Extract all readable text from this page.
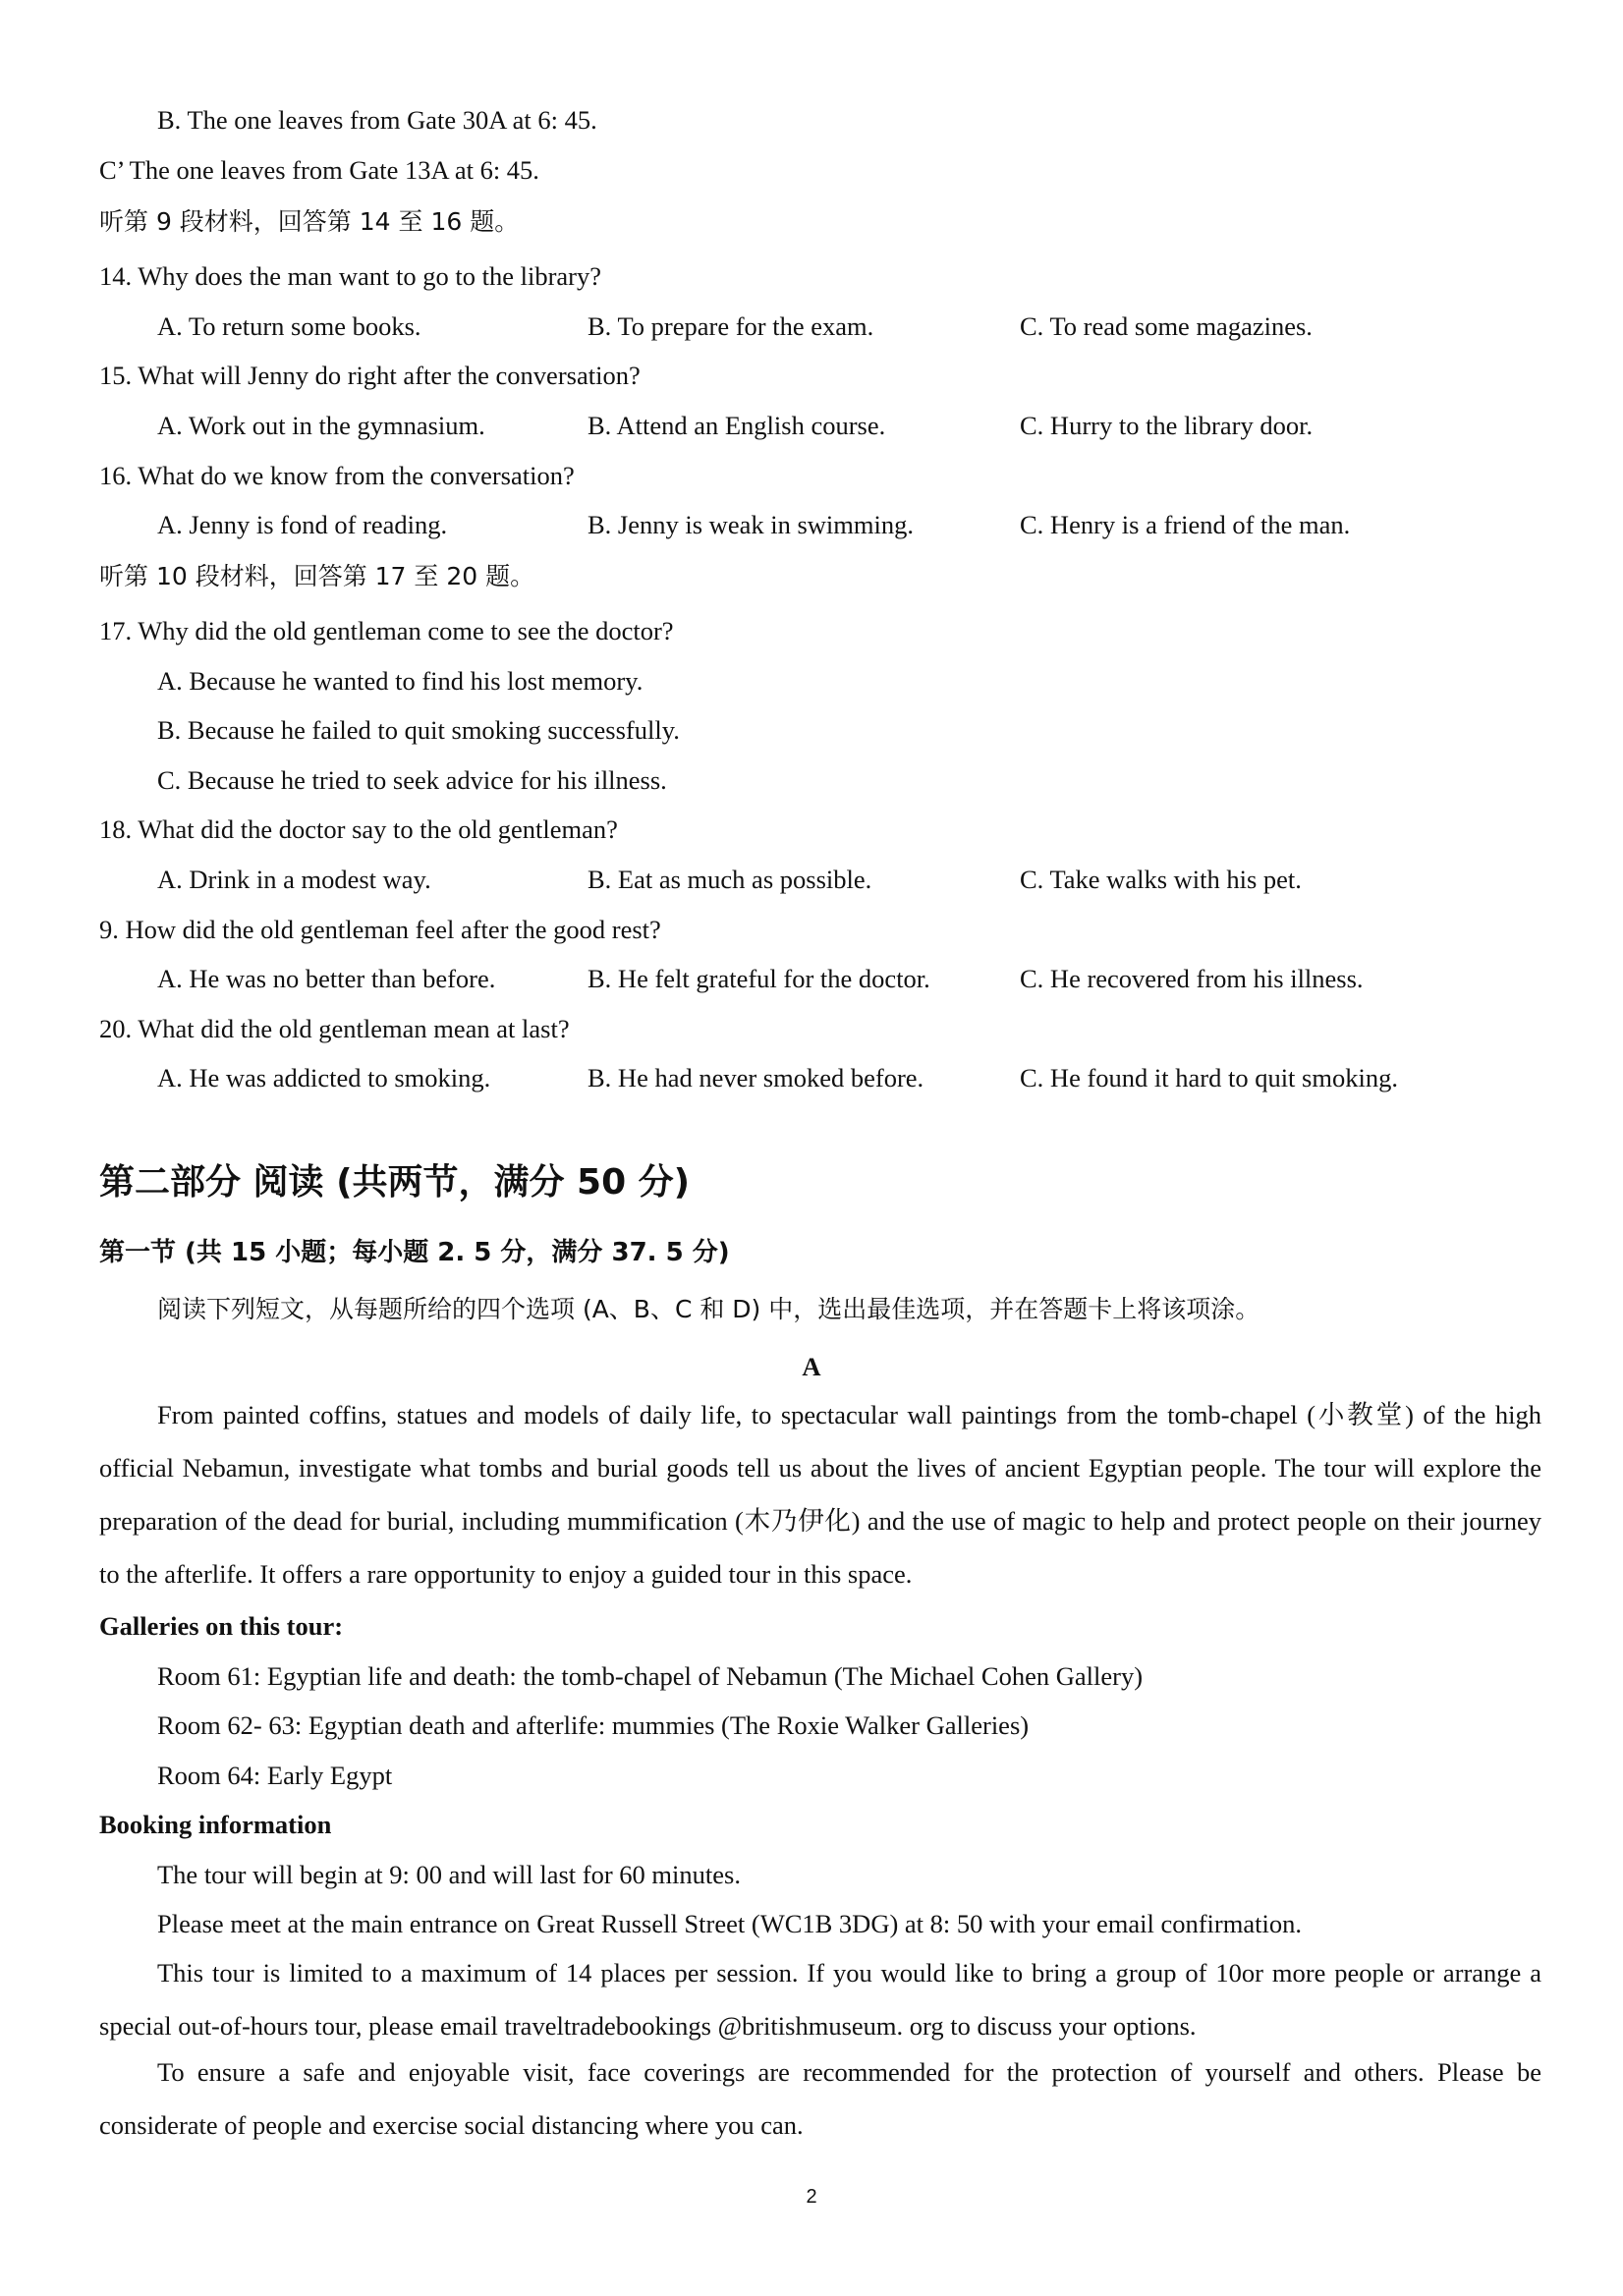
B. The one leaves from Gate 30A at 6: 45.
C’ The one leaves from Gate 13A at 6: 45.
听第 9 段材料，回答第 14 至 16 题。
14. Why does the man want to go to the library?
A. To return some books.	B. To prepare for the exam.	C. To read some magazines.
15. What will Jenny do right after the conversation?
A. Work out in the gymnasium.	B. Attend an English course.	C. Hurry to the library door.
16. What do we know from the conversation?
A. Jenny is fond of reading.	B. Jenny is weak in swimming.	C. Henry is a friend of the man.
听第 10 段材料，回答第 17 至 20 题。
17. Why did the old gentleman come to see the doctor?
A. Because he wanted to find his lost memory.
B. Because he failed to quit smoking successfully.
C. Because he tried to seek advice for his illness.
18. What did the doctor say to the old gentleman?
A. Drink in a modest way.	B. Eat as much as possible.	C. Take walks with his pet.
9. How did the old gentleman feel after the good rest?
A. He was no better than before.	B. He felt grateful for the doctor.	C. He recovered from his illness.
20. What did the old gentleman mean at last?
A. He was addicted to smoking.	B. He had never smoked before.	C. He found it hard to quit smoking.
第二部分 阅读 (共两节，满分 50 分)
第一节 (共 15 小题；每小题 2. 5 分，满分 37. 5 分)
阅读下列短文，从每题所给的四个选项 (A、B、C 和 D) 中，选出最佳选项，并在答题卡上将该项涂。
A
From painted coffins, statues and models of daily life, to spectacular wall paintings from the tomb-chapel (小教堂) of the high official Nebamun, investigate what tombs and burial goods tell us about the lives of ancient Egyptian people. The tour will explore the preparation of the dead for burial, including mummification (木乃伊化) and the use of magic to help and protect people on their journey to the afterlife. It offers a rare opportunity to enjoy a guided tour in this space.
Galleries on this tour:
Room 61: Egyptian life and death: the tomb-chapel of Nebamun (The Michael Cohen Gallery)
Room 62- 63: Egyptian death and afterlife: mummies (The Roxie Walker Galleries)
Room 64: Early Egypt
Booking information
The tour will begin at 9: 00 and will last for 60 minutes.
Please meet at the main entrance on Great Russell Street (WC1B 3DG) at 8: 50 with your email confirmation.
This tour is limited to a maximum of 14 places per session. If you would like to bring a group of 10or more people or arrange a special out-of-hours tour, please email traveltradebookings @britishmuseum. org to discuss your options.
To ensure a safe and enjoyable visit, face coverings are recommended for the protection of yourself and others. Please be considerate of people and exercise social distancing where you can.
2
